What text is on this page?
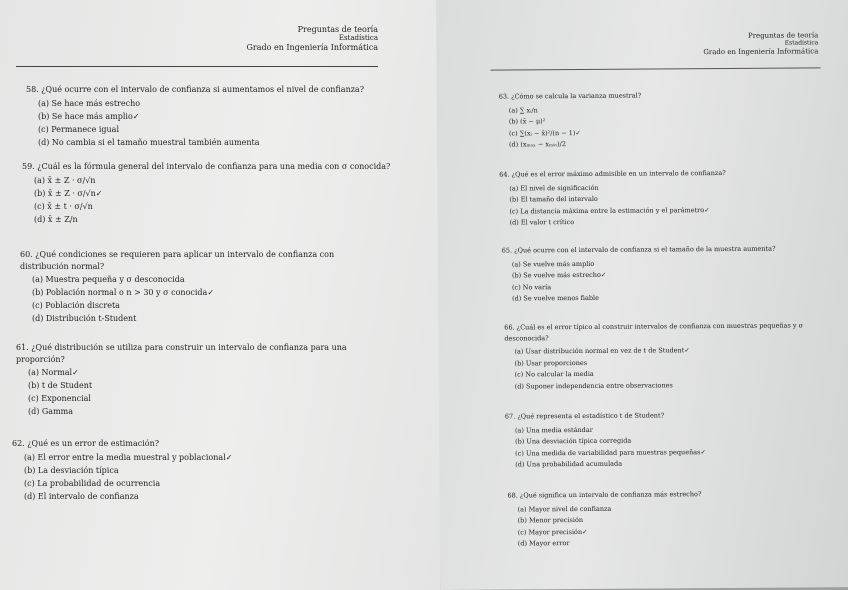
Preguntas de teoría
Estadística
Grado en Ingeniería Informática
58. ¿Qué ocurre con el intervalo de confianza si aumentamos el nivel de confianza?
(a) Se hace más estrecho
(b) Se hace más amplio✓
(c) Permanece igual
(d) No cambia si el tamaño muestral también aumenta
59. ¿Cuál es la fórmula general del intervalo de confianza para una media con σ conocida?
(a) x̄ ± Z · σ/√n
(b) x̄ ± Z · σ/√n✓
(c) x̄ ± t · σ/√n
(d) x̄ ± Z/n
60. ¿Qué condiciones se requieren para aplicar un intervalo de confianza con distribución normal?
(a) Muestra pequeña y σ desconocida
(b) Población normal o n > 30 y σ conocida✓
(c) Población discreta
(d) Distribución t-Student
61. ¿Qué distribución se utiliza para construir un intervalo de confianza para una proporción?
(a) Normal✓
(b) t de Student
(c) Exponencial
(d) Gamma
62. ¿Qué es un error de estimación?
(a) El error entre la media muestral y poblacional✓
(b) La desviación típica
(c) La probabilidad de ocurrencia
(d) El intervalo de confianza
Preguntas de teoría
Estadística
Grado en Ingeniería Informática
63. ¿Cómo se calcula la varianza muestral?
(a) ∑ xᵢ/n
(b) (x̄ − μ)²
(c) ∑(xᵢ − x̄)²/(n − 1)✓
(d) (xₘₐₓ − xₘᵢₙ)/2
64. ¿Qué es el error máximo admisible en un intervalo de confianza?
(a) El nivel de significación
(b) El tamaño del intervalo
(c) La distancia máxima entre la estimación y el parámetro✓
(d) El valor t crítico
65. ¿Qué ocurre con el intervalo de confianza si el tamaño de la muestra aumenta?
(a) Se vuelve más amplio
(b) Se vuelve más estrecho✓
(c) No varía
(d) Se vuelve menos fiable
66. ¿Cuál es el error típico al construir intervalos de confianza con muestras pequeñas y σ desconocida?
(a) Usar distribución normal en vez de t de Student✓
(b) Usar proporciones
(c) No calcular la media
(d) Suponer independencia entre observaciones
67. ¿Qué representa el estadístico t de Student?
(a) Una media estándar
(b) Una desviación típica corregida
(c) Una medida de variabilidad para muestras pequeñas✓
(d) Una probabilidad acumulada
68. ¿Qué significa un intervalo de confianza más estrecho?
(a) Mayor nivel de confianza
(b) Menor precisión
(c) Mayor precisión✓
(d) Mayor error
